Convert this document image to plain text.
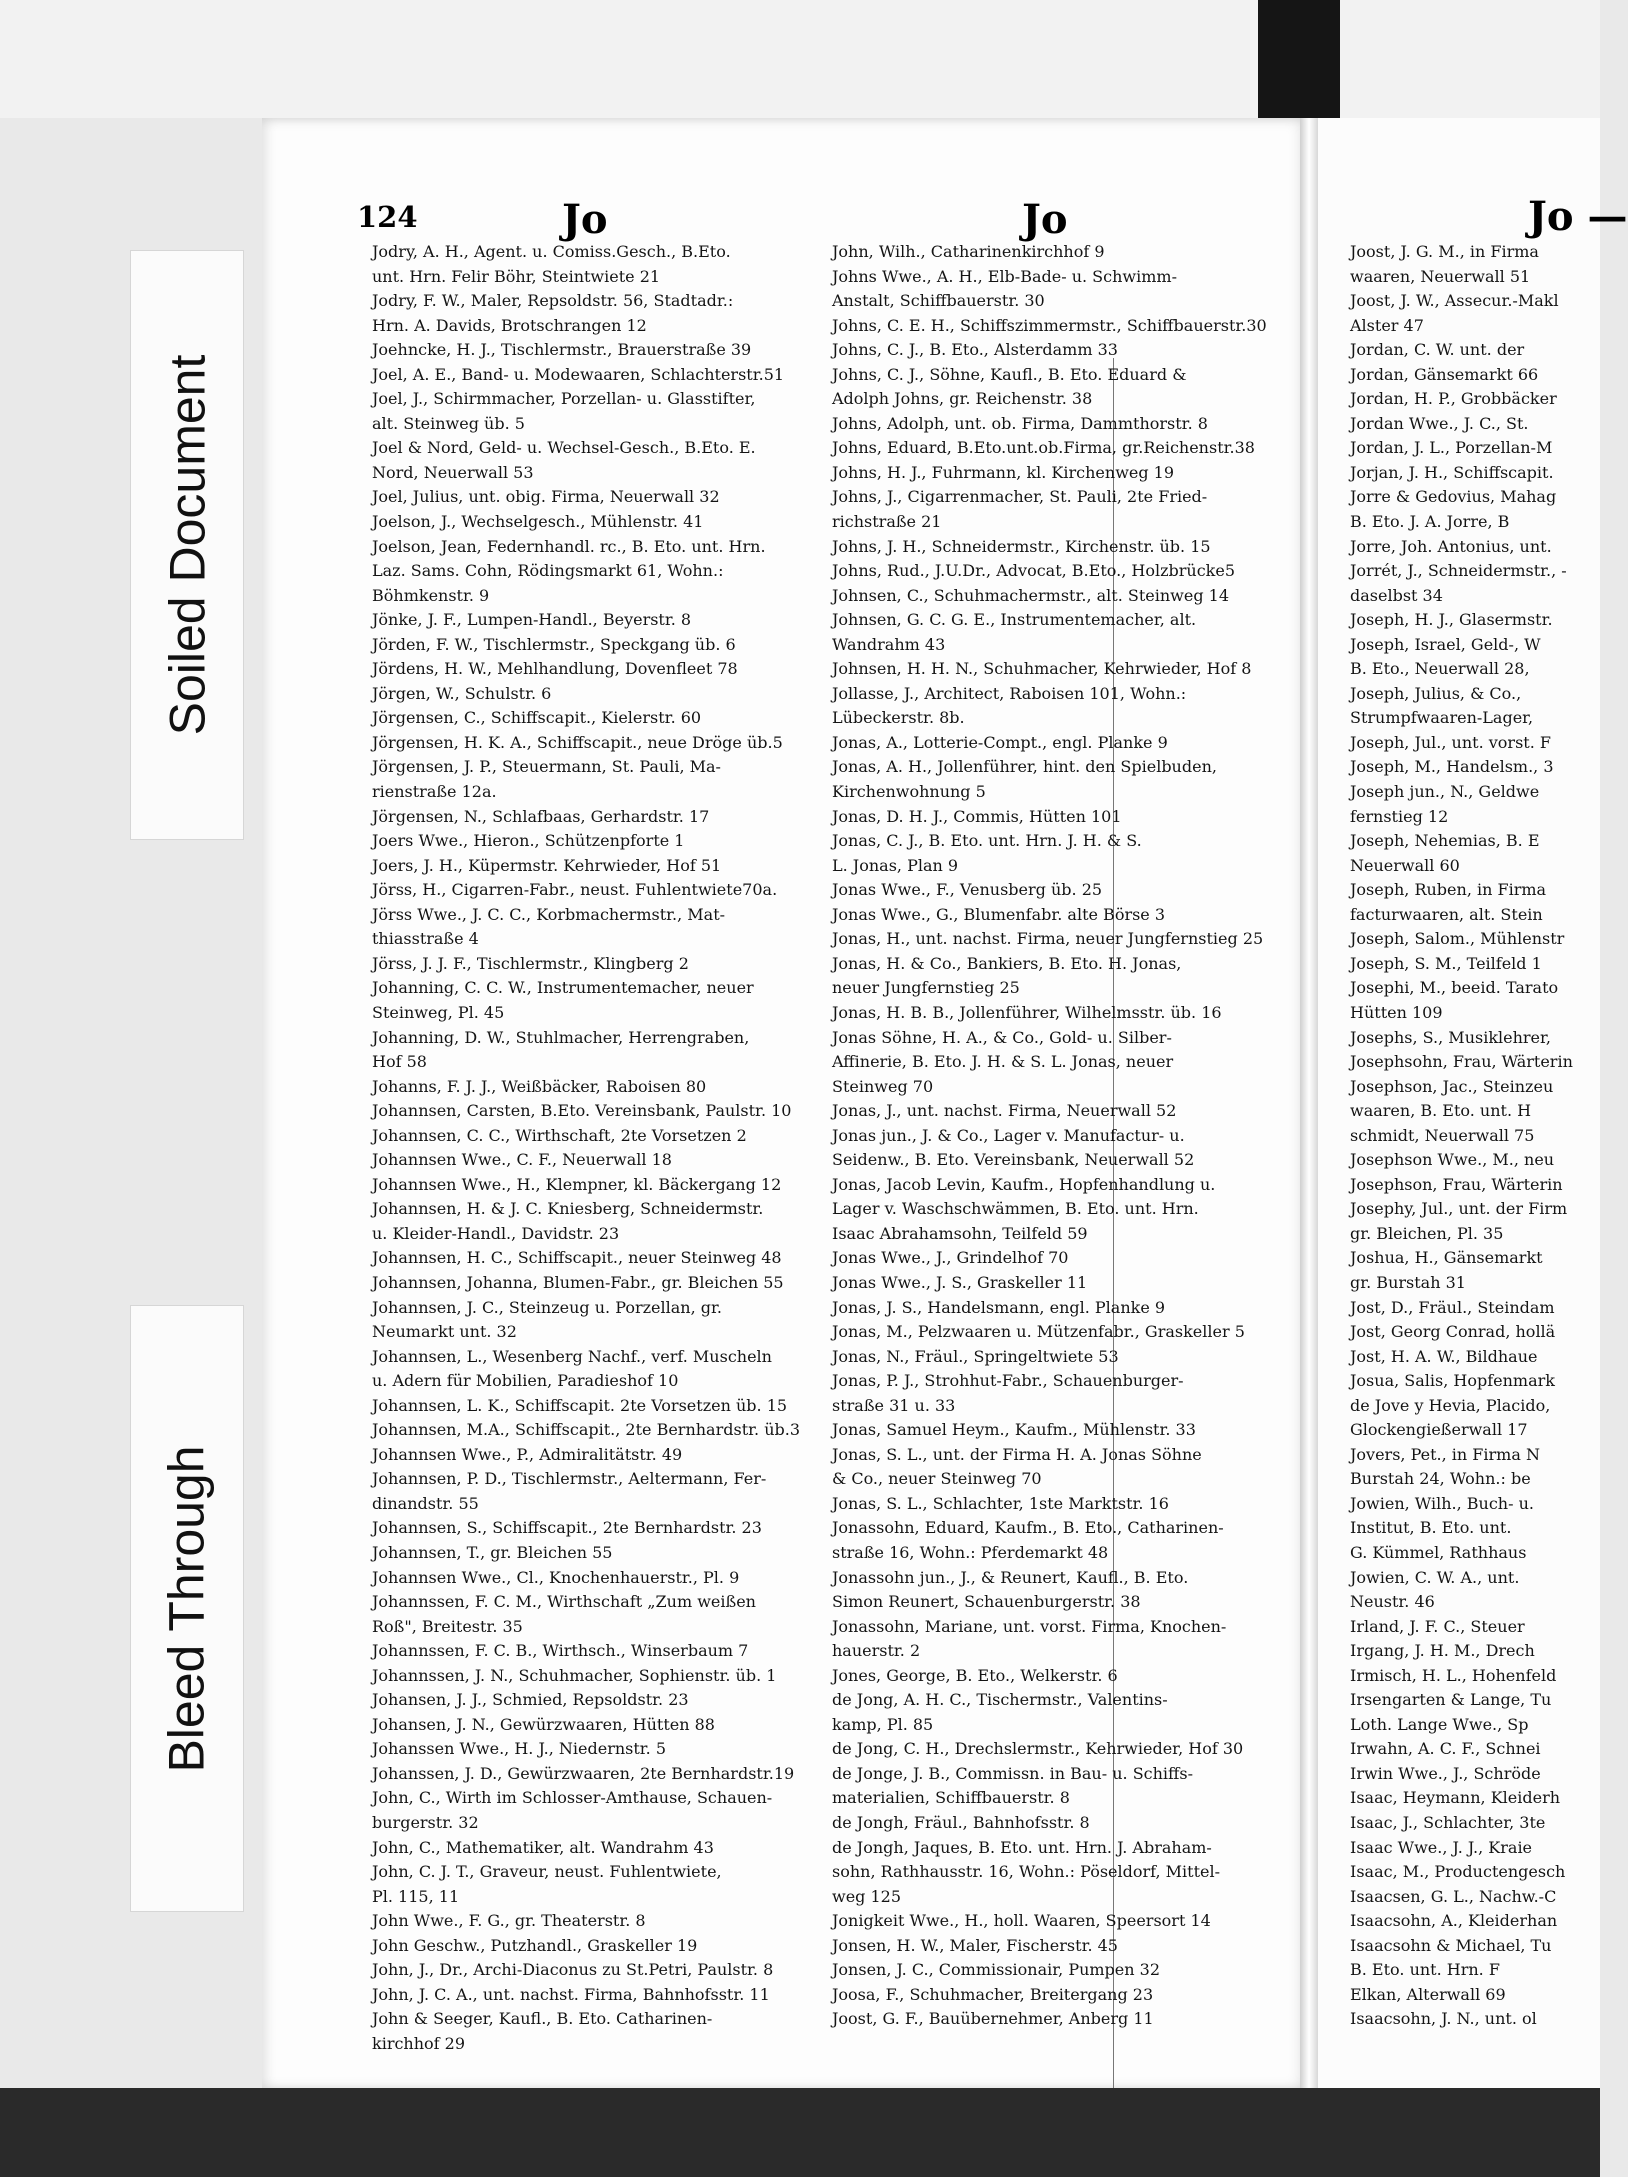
Soiled Document
Bleed Through
124	Jo	Jo
Jodry, A. H., Agent. u. Comiss.Gesch., B.Eto.
unt. Hrn. Felir Böhr, Steintwiete 21
Jodry, F. W., Maler, Repsoldstr. 56, Stadtadr.:
Hrn. A. Davids, Brotschrangen 12
Joehncke, H. J., Tischlermstr., Brauerstraße 39
Joel, A. E., Band- u. Modewaaren, Schlachterstr.51
Joel, J., Schirmmacher, Porzellan- u. Glasstifter,
alt. Steinweg üb. 5
Joel & Nord, Geld- u. Wechsel-Gesch., B.Eto. E.
Nord, Neuerwall 53
Joel, Julius, unt. obig. Firma, Neuerwall 32
Joelson, J., Wechselgesch., Mühlenstr. 41
Joelson, Jean, Federnhandl. rc., B. Eto. unt. Hrn.
Laz. Sams. Cohn, Rödingsmarkt 61, Wohn.:
Böhmkenstr. 9
Jönke, J. F., Lumpen-Handl., Beyerstr. 8
Jörden, F. W., Tischlermstr., Speckgang üb. 6
Jördens, H. W., Mehlhandlung, Dovenfleet 78
Jörgen, W., Schulstr. 6
Jörgensen, C., Schiffscapit., Kielerstr. 60
Jörgensen, H. K. A., Schiffscapit., neue Dröge üb.5
Jörgensen, J. P., Steuermann, St. Pauli, Ma-
rienstraße 12a.
Jörgensen, N., Schlafbaas, Gerhardstr. 17
Joers Wwe., Hieron., Schützenpforte 1
Joers, J. H., Küpermstr. Kehrwieder, Hof 51
Jörss, H., Cigarren-Fabr., neust. Fuhlentwiete70a.
Jörss Wwe., J. C. C., Korbmachermstr., Mat-
thiasstraße 4
Jörss, J. J. F., Tischlermstr., Klingberg 2
Johanning, C. C. W., Instrumentemacher, neuer
Steinweg, Pl. 45
Johanning, D. W., Stuhlmacher, Herrengraben,
Hof 58
Johanns, F. J. J., Weißbäcker, Raboisen 80
Johannsen, Carsten, B.Eto. Vereinsbank, Paulstr. 10
Johannsen, C. C., Wirthschaft, 2te Vorsetzen 2
Johannsen Wwe., C. F., Neuerwall 18
Johannsen Wwe., H., Klempner, kl. Bäckergang 12
Johannsen, H. & J. C. Kniesberg, Schneidermstr.
u. Kleider-Handl., Davidstr. 23
Johannsen, H. C., Schiffscapit., neuer Steinweg 48
Johannsen, Johanna, Blumen-Fabr., gr. Bleichen 55
Johannsen, J. C., Steinzeug u. Porzellan, gr.
Neumarkt unt. 32
Johannsen, L., Wesenberg Nachf., verf. Muscheln
u. Adern für Mobilien, Paradieshof 10
Johannsen, L. K., Schiffscapit. 2te Vorsetzen üb. 15
Johannsen, M.A., Schiffscapit., 2te Bernhardstr. üb.3
Johannsen Wwe., P., Admiralitätstr. 49
Johannsen, P. D., Tischlermstr., Aeltermann, Fer-
dinandstr. 55
Johannsen, S., Schiffscapit., 2te Bernhardstr. 23
Johannsen, T., gr. Bleichen 55
Johannsen Wwe., Cl., Knochenhauerstr., Pl. 9
Johannssen, F. C. M., Wirthschaft „Zum weißen
Roß", Breitestr. 35
Johannssen, F. C. B., Wirthsch., Winserbaum 7
Johannssen, J. N., Schuhmacher, Sophienstr. üb. 1
Johansen, J. J., Schmied, Repsoldstr. 23
Johansen, J. N., Gewürzwaaren, Hütten 88
Johanssen Wwe., H. J., Niedernstr. 5
Johanssen, J. D., Gewürzwaaren, 2te Bernhardstr.19
John, C., Wirth im Schlosser-Amthause, Schauen-
burgerstr. 32
John, C., Mathematiker, alt. Wandrahm 43
John, C. J. T., Graveur, neust. Fuhlentwiete,
Pl. 115, 11
John Wwe., F. G., gr. Theaterstr. 8
John Geschw., Putzhandl., Graskeller 19
John, J., Dr., Archi-Diaconus zu St.Petri, Paulstr. 8
John, J. C. A., unt. nachst. Firma, Bahnhofsstr. 11
John & Seeger, Kaufl., B. Eto. Catharinen-
kirchhof 29
John, Wilh., Catharinenkirchhof 9
Johns Wwe., A. H., Elb-Bade- u. Schwimm-
Anstalt, Schiffbauerstr. 30
Johns, C. E. H., Schiffszimmermstr., Schiffbauerstr.30
Johns, C. J., B. Eto., Alsterdamm 33
Johns, C. J., Söhne, Kaufl., B. Eto. Eduard &
Adolph Johns, gr. Reichenstr. 38
Johns, Adolph, unt. ob. Firma, Dammthorstr. 8
Johns, Eduard, B.Eto.unt.ob.Firma, gr.Reichenstr.38
Johns, H. J., Fuhrmann, kl. Kirchenweg 19
Johns, J., Cigarrenmacher, St. Pauli, 2te Fried-
richstraße 21
Johns, J. H., Schneidermstr., Kirchenstr. üb. 15
Johns, Rud., J.U.Dr., Advocat, B.Eto., Holzbrücke5
Johnsen, C., Schuhmachermstr., alt. Steinweg 14
Johnsen, G. C. G. E., Instrumentemacher, alt.
Wandrahm 43
Johnsen, H. H. N., Schuhmacher, Kehrwieder, Hof 8
Jollasse, J., Architect, Raboisen 101, Wohn.:
Lübeckerstr. 8b.
Jonas, A., Lotterie-Compt., engl. Planke 9
Jonas, A. H., Jollenführer, hint. den Spielbuden,
Kirchenwohnung 5
Jonas, D. H. J., Commis, Hütten 101
Jonas, C. J., B. Eto. unt. Hrn. J. H. & S.
L. Jonas, Plan 9
Jonas Wwe., F., Venusberg üb. 25
Jonas Wwe., G., Blumenfabr. alte Börse 3
Jonas, H., unt. nachst. Firma, neuer Jungfernstieg 25
Jonas, H. & Co., Bankiers, B. Eto. H. Jonas,
neuer Jungfernstieg 25
Jonas, H. B. B., Jollenführer, Wilhelmsstr. üb. 16
Jonas Söhne, H. A., & Co., Gold- u. Silber-
Affinerie, B. Eto. J. H. & S. L. Jonas, neuer
Steinweg 70
Jonas, J., unt. nachst. Firma, Neuerwall 52
Jonas jun., J. & Co., Lager v. Manufactur- u.
Seidenw., B. Eto. Vereinsbank, Neuerwall 52
Jonas, Jacob Levin, Kaufm., Hopfenhandlung u.
Lager v. Waschschwämmen, B. Eto. unt. Hrn.
Isaac Abrahamsohn, Teilfeld 59
Jonas Wwe., J., Grindelhof 70
Jonas Wwe., J. S., Graskeller 11
Jonas, J. S., Handelsmann, engl. Planke 9
Jonas, M., Pelzwaaren u. Mützenfabr., Graskeller 5
Jonas, N., Fräul., Springeltwiete 53
Jonas, P. J., Strohhut-Fabr., Schauenburger-
straße 31 u. 33
Jonas, Samuel Heym., Kaufm., Mühlenstr. 33
Jonas, S. L., unt. der Firma H. A. Jonas Söhne
& Co., neuer Steinweg 70
Jonas, S. L., Schlachter, 1ste Marktstr. 16
Jonassohn, Eduard, Kaufm., B. Eto., Catharinen-
straße 16, Wohn.: Pferdemarkt 48
Jonassohn jun., J., & Reunert, Kaufl., B. Eto.
Simon Reunert, Schauenburgerstr. 38
Jonassohn, Mariane, unt. vorst. Firma, Knochen-
hauerstr. 2
Jones, George, B. Eto., Welkerstr. 6
de Jong, A. H. C., Tischermstr., Valentins-
kamp, Pl. 85
de Jong, C. H., Drechslermstr., Kehrwieder, Hof 30
de Jonge, J. B., Commissn. in Bau- u. Schiffs-
materialien, Schiffbauerstr. 8
de Jongh, Fräul., Bahnhofsstr. 8
de Jongh, Jaques, B. Eto. unt. Hrn. J. Abraham-
sohn, Rathhausstr. 16, Wohn.: Pöseldorf, Mittel-
weg 125
Jonigkeit Wwe., H., holl. Waaren, Speersort 14
Jonsen, H. W., Maler, Fischerstr. 45
Jonsen, J. C., Commissionair, Pumpen 32
Joosa, F., Schuhmacher, Breitergang 23
Joost, G. F., Bauübernehmer, Anberg 11
Jo —
Joost, J. G. M., in Firma
waaren, Neuerwall 51
Joost, J. W., Assecur.-Makl
Alster 47
Jordan, C. W. unt. der
Jordan, Gänsemarkt 66
Jordan, H. P., Grobbäcker
Jordan Wwe., J. C., St.
Jordan, J. L., Porzellan-M
Jorjan, J. H., Schiffscapit.
Jorre & Gedovius, Mahag
B. Eto. J. A. Jorre, B
Jorre, Joh. Antonius, unt.
Jorrét, J., Schneidermstr., -
daselbst 34
Joseph, H. J., Glasermstr.
Joseph, Israel, Geld-, W
B. Eto., Neuerwall 28,
Joseph, Julius, & Co.,
Strumpfwaaren-Lager,
Joseph, Jul., unt. vorst. F
Joseph, M., Handelsm., 3
Joseph jun., N., Geldwe
fernstieg 12
Joseph, Nehemias, B. E
Neuerwall 60
Joseph, Ruben, in Firma
facturwaaren, alt. Stein
Joseph, Salom., Mühlenstr
Joseph, S. M., Teilfeld 1
Josephi, M., beeid. Tarato
Hütten 109
Josephs, S., Musiklehrer,
Josephsohn, Frau, Wärterin
Josephson, Jac., Steinzeu
waaren, B. Eto. unt. H
schmidt, Neuerwall 75
Josephson Wwe., M., neu
Josephson, Frau, Wärterin
Josephy, Jul., unt. der Firm
gr. Bleichen, Pl. 35
Joshua, H., Gänsemarkt
gr. Burstah 31
Jost, D., Fräul., Steindam
Jost, Georg Conrad, hollä
Jost, H. A. W., Bildhaue
Josua, Salis, Hopfenmark
de Jove y Hevia, Placido,
Glockengießerwall 17
Jovers, Pet., in Firma N
Burstah 24, Wohn.: be
Jowien, Wilh., Buch- u.
Institut, B. Eto. unt.
G. Kümmel, Rathhaus
Jowien, C. W. A., unt.
Neustr. 46
Irland, J. F. C., Steuer
Irgang, J. H. M., Drech
Irmisch, H. L., Hohenfeld
Irsengarten & Lange, Tu
Loth. Lange Wwe., Sp
Irwahn, A. C. F., Schnei
Irwin Wwe., J., Schröde
Isaac, Heymann, Kleiderh
Isaac, J., Schlachter, 3te
Isaac Wwe., J. J., Kraie
Isaac, M., Productengesch
Isaacsen, G. L., Nachw.-C
Isaacsohn, A., Kleiderhan
Isaacsohn & Michael, Tu
B. Eto. unt. Hrn. F
Elkan, Alterwall 69
Isaacsohn, J. N., unt. ol
